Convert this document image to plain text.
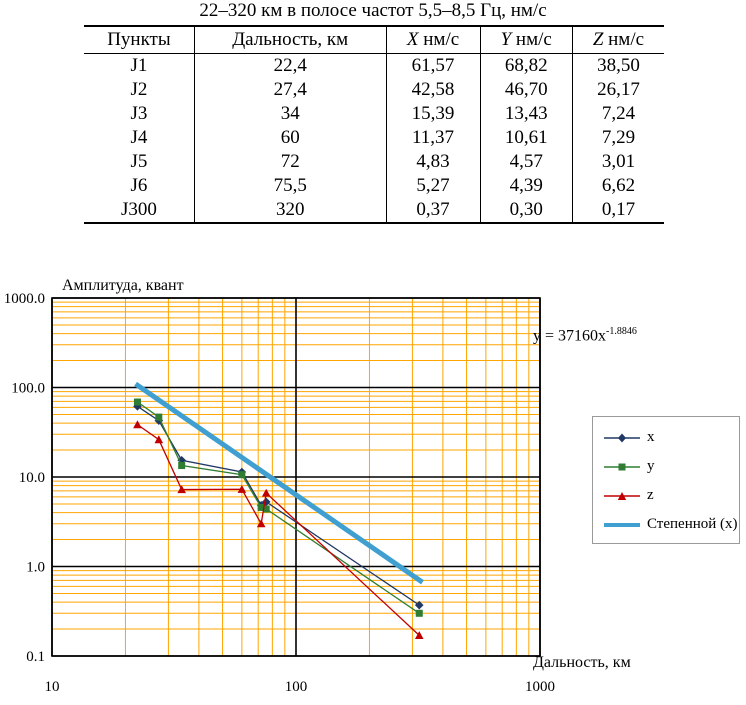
22–320 км в полосе частот 5,5–8,5 Гц, нм/с
Пункты	Дальность, км	X нм/с	Y нм/с	Z нм/с
J1	22,4	61,57	68,82	38,50
J2	27,4	42,58	46,70	26,17
J3	34	15,39	13,43	7,24
J4	60	11,37	10,61	7,29
J5	72	4,83	4,57	3,01
J6	75,5	5,27	4,39	6,62
J300	320	0,37	0,30	0,17
0.1
1.0
10.0
100.0
1000.0
10	100	1000
Амплитуда, квант
Дальность, км
$y = 37160x^{-1.8846}$
x
y
z
Степенной (x)
